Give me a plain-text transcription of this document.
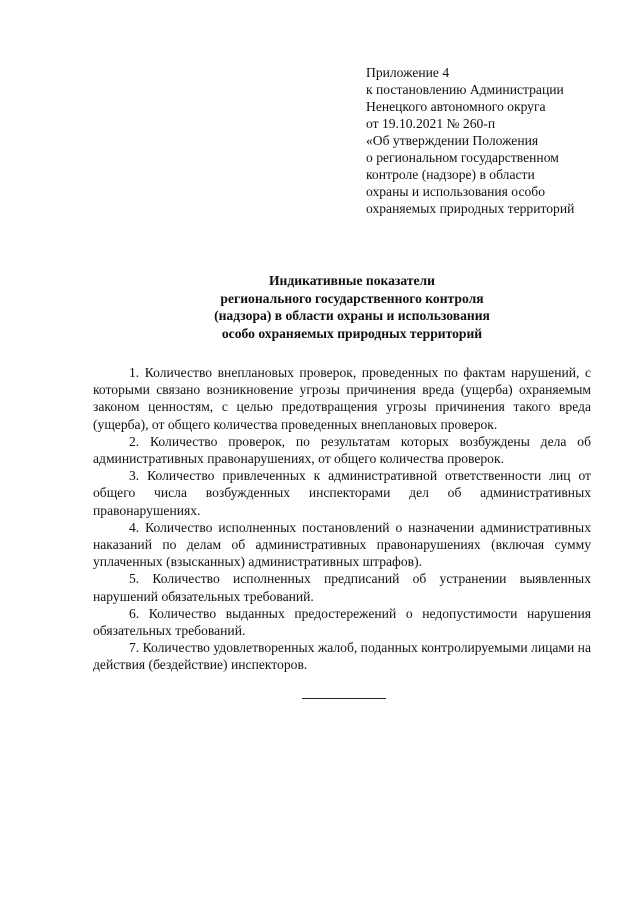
Приложение 4
к постановлению Администрации
Ненецкого автономного округа
от 19.10.2021 № 260-п
«Об утверждении Положения
о региональном государственном
контроле (надзоре) в области
охраны и использования особо
охраняемых природных территорий
Индикативные показатели
регионального государственного контроля
(надзора) в области охраны и использования
особо охраняемых природных территорий

1. Количество внеплановых проверок, проведенных по фактам нарушений, с которыми связано возникновение угрозы причинения вреда (ущерба) охраняемым законом ценностям, с целью предотвращения угрозы причинения такого вреда (ущерба), от общего количества проведенных внеплановых проверок.

2. Количество проверок, по результатам которых возбуждены дела об административных правонарушениях, от общего количества проверок.

3. Количество привлеченных к административной ответственности лиц от общего числа возбужденных инспекторами дел об административных правонарушениях.

4. Количество исполненных постановлений о назначении административных наказаний по делам об административных правонарушениях (включая сумму уплаченных (взысканных) административных штрафов).

5. Количество исполненных предписаний об устранении выявленных нарушений обязательных требований.

6. Количество выданных предостережений о недопустимости нарушения обязательных требований.

7. Количество удовлетворенных жалоб, поданных контролируемыми лицами на действия (бездействие) инспекторов.
